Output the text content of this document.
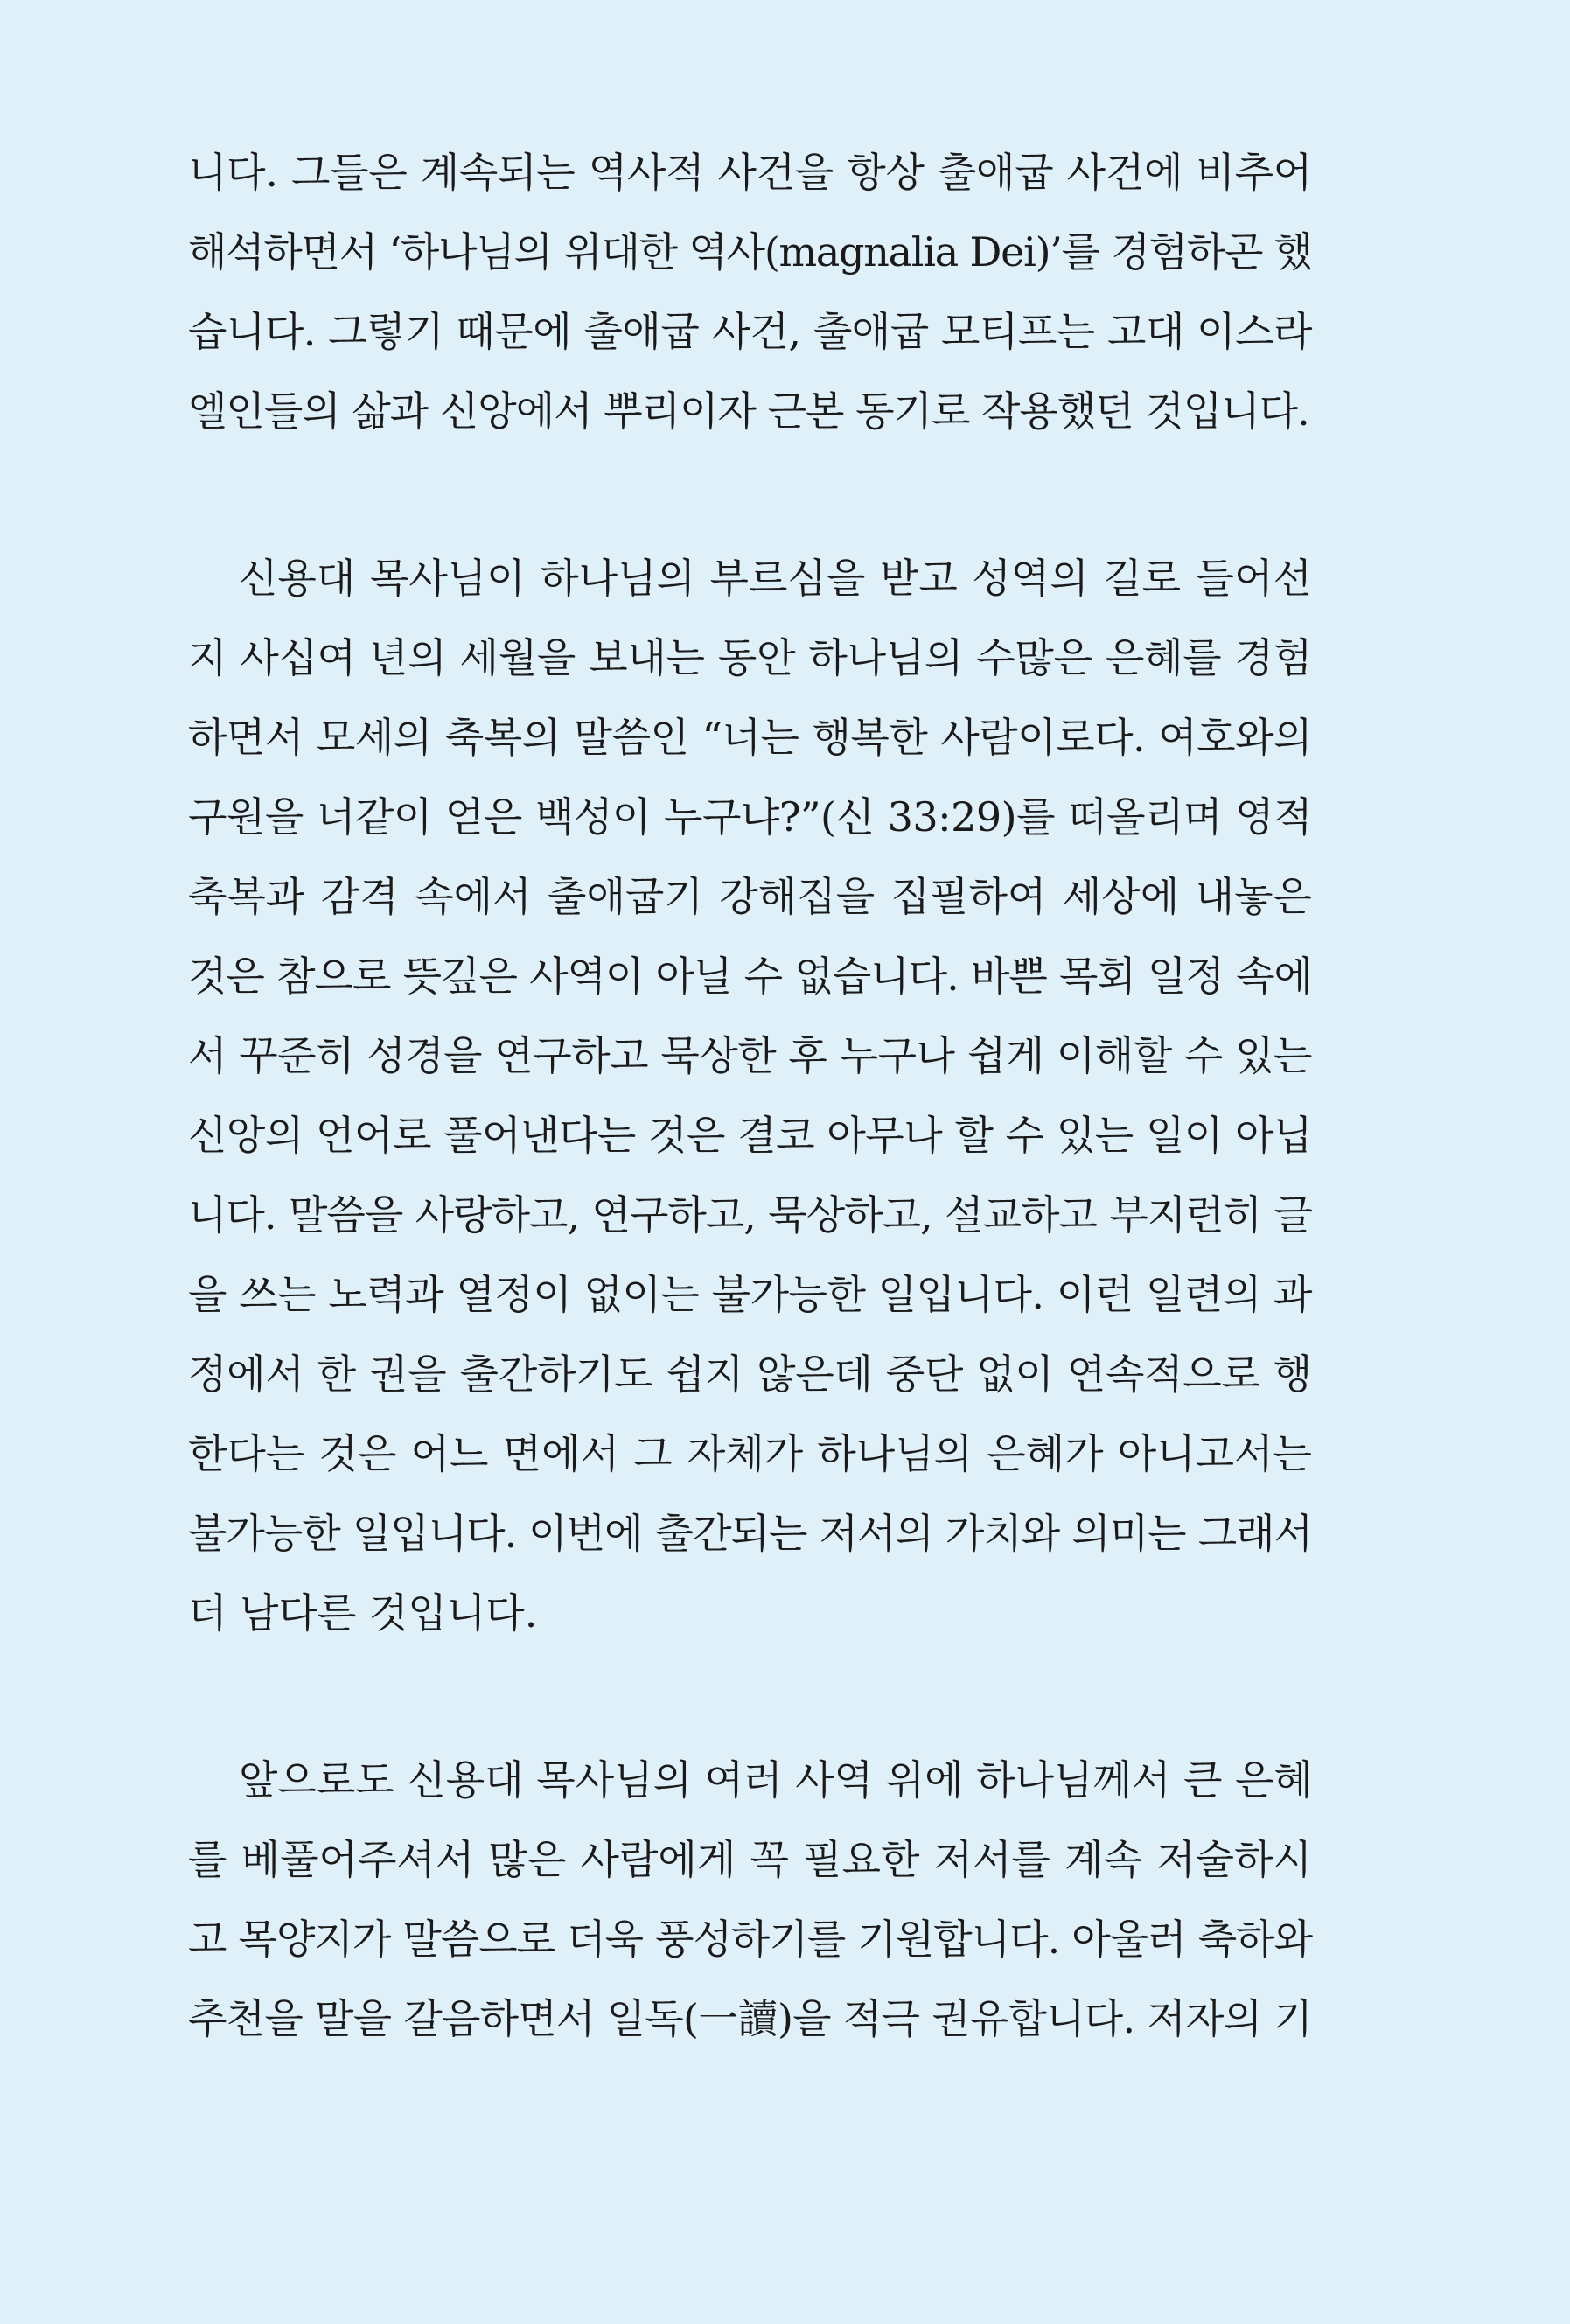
니다. 그들은 계속되는 역사적 사건을 항상 출애굽 사건에 비추어
해석하면서 ‘하나님의 위대한 역사(magnalia Dei)’를 경험하곤 했
습니다. 그렇기 때문에 출애굽 사건, 출애굽 모티프는 고대 이스라
엘인들의 삶과 신앙에서 뿌리이자 근본 동기로 작용했던 것입니다.
신용대 목사님이 하나님의 부르심을 받고 성역의 길로 들어선
지 사십여 년의 세월을 보내는 동안 하나님의 수많은 은혜를 경험
하면서 모세의 축복의 말씀인 “너는 행복한 사람이로다. 여호와의
구원을 너같이 얻은 백성이 누구냐?”(신 33:29)를 떠올리며 영적
축복과 감격 속에서 출애굽기 강해집을 집필하여 세상에 내놓은
것은 참으로 뜻깊은 사역이 아닐 수 없습니다. 바쁜 목회 일정 속에
서 꾸준히 성경을 연구하고 묵상한 후 누구나 쉽게 이해할 수 있는
신앙의 언어로 풀어낸다는 것은 결코 아무나 할 수 있는 일이 아닙
니다. 말씀을 사랑하고, 연구하고, 묵상하고, 설교하고 부지런히 글
을 쓰는 노력과 열정이 없이는 불가능한 일입니다. 이런 일련의 과
정에서 한 권을 출간하기도 쉽지 않은데 중단 없이 연속적으로 행
한다는 것은 어느 면에서 그 자체가 하나님의 은혜가 아니고서는
불가능한 일입니다. 이번에 출간되는 저서의 가치와 의미는 그래서
더 남다른 것입니다.
앞으로도 신용대 목사님의 여러 사역 위에 하나님께서 큰 은혜
를 베풀어주셔서 많은 사람에게 꼭 필요한 저서를 계속 저술하시
고 목양지가 말씀으로 더욱 풍성하기를 기원합니다. 아울러 축하와
추천을 말을 갈음하면서 일독(一讀)을 적극 권유합니다. 저자의 기
